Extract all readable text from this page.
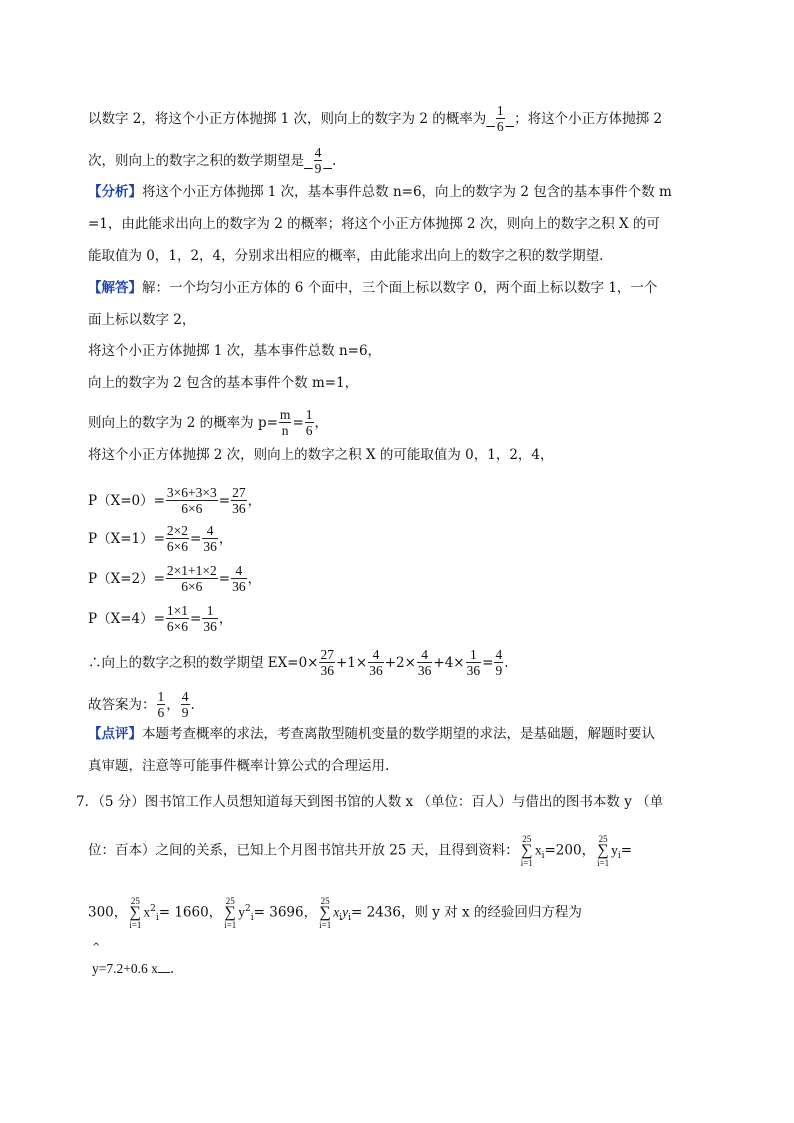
以数字 2，将这个小正方体抛掷 1 次，则向上的数字为 2 的概率为 $\frac{1}{6}$ ；将这个小正方体抛掷 2
次，则向上的数字之积的数学期望是 $\frac{4}{9}$ .
【分析】将这个小正方体抛掷 1 次，基本事件总数 n=6，向上的数字为 2 包含的基本事件个数 m
=1，由此能求出向上的数字为 2 的概率；将这个小正方体抛掷 2 次，则向上的数字之积 X 的可
能取值为 0，1，2，4，分别求出相应的概率，由此能求出向上的数字之积的数学期望．
【解答】解：一个均匀小正方体的 6 个面中，三个面上标以数字 0，两个面上标以数字 1，一个
面上标以数字 2，
将这个小正方体抛掷 1 次，基本事件总数 n=6，
向上的数字为 2 包含的基本事件个数 m=1，
则向上的数字为 2 的概率为 $p= \frac{m}{n} = \frac{1}{6}$ ，
将这个小正方体抛掷 2 次，则向上的数字之积 X 的可能取值为 0，1，2，4，
$P(X=0)= \frac{3\times 6+3\times 3}{6\times 6} = \frac{27}{36}$ ，
$P(X=1)= \frac{2\times 2}{6\times 6} = \frac{4}{36}$ ，
$P(X=2)= \frac{2\times 1+1\times 2}{6\times 6} = \frac{4}{36}$ ，
$P(X=4)= \frac{1\times 1}{6\times 6} = \frac{1}{36}$ ，
∴向上的数字之积的数学期望 $EX=0\times \frac{27}{36} +1\times \frac{4}{36} +2\times \frac{4}{36} +4\times \frac{1}{36} = \frac{4}{9}$ .
故答案为： $\frac{1}{6}$ ， $\frac{4}{9}$ .
【点评】本题考查概率的求法，考查离散型随机变量的数学期望的求法，是基础题，解题时要认
真审题，注意等可能事件概率计算公式的合理运用.
7．（5 分）图书馆工作人员想知道每天到图书馆的人数 x （单位：百人）与借出的图书本数 y （单
位：百本）之间的关系，已知上个月图书馆共开放 25 天，且得到资料：
25
∑
i=1
$x_i=200$，
25
∑
i=1
$y_i=$
300，
25
∑
i=1
$x^2_i= 1660$，
25
∑
i=1
$y^2_i= 3696$，
25
∑
i=1
$x_iy_i= 2436$，则 y 对 x 的经验回归方程为
^
y=7.2+0.6 x .
